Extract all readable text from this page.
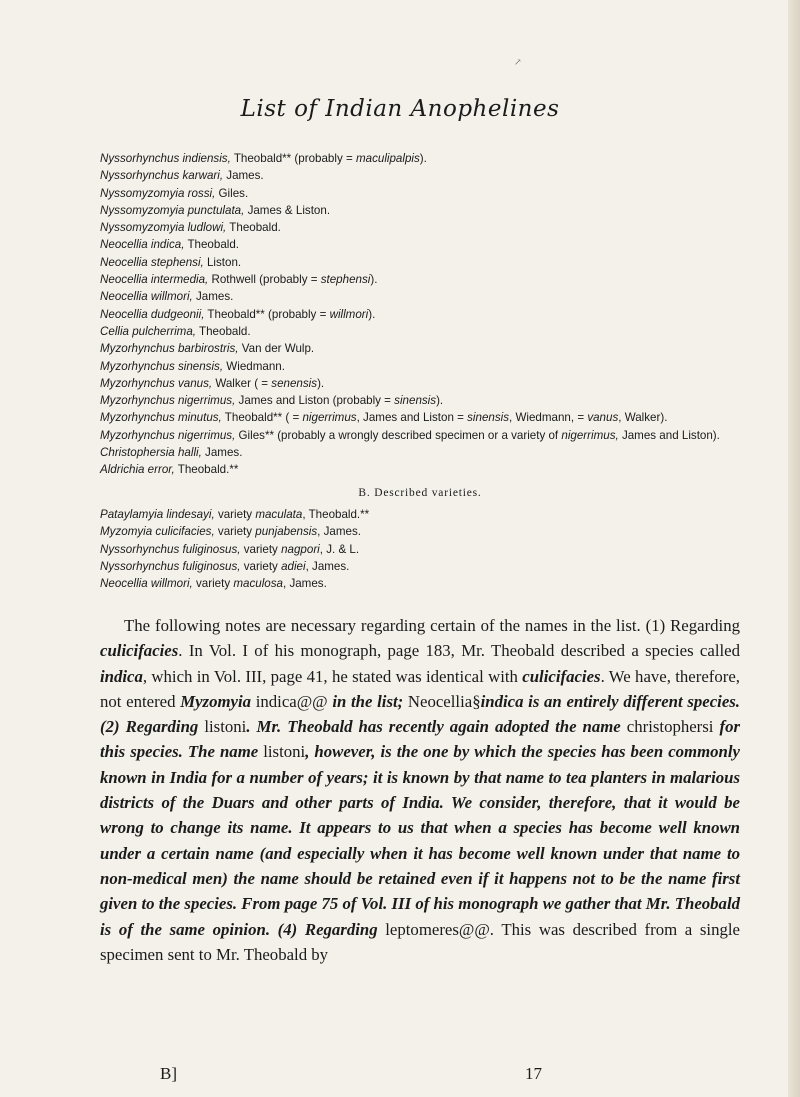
↗
List of Indian Anophelines
Nyssorhynchus indiensis, Theobald** (probably = maculipalpis).
Nyssorhynchus karwari, James.
Nyssomyzomyia rossi, Giles.
Nyssomyzomyia punctulata, James & Liston.
Nyssomyzomyia ludlowi, Theobald.
Neocellia indica, Theobald.
Neocellia stephensi, Liston.
Neocellia intermedia, Rothwell (probably = stephensi).
Neocellia willmori, James.
Neocellia dudgeonii, Theobald** (probably = willmori).
Cellia pulcherrima, Theobald.
Myzorhynchus barbirostris, Van der Wulp.
Myzorhynchus sinensis, Wiedmann.
Myzorhynchus vanus, Walker ( = senensis).
Myzorhynchus nigerrimus, James and Liston (probably = sinensis).
Myzorhynchus minutus, Theobald** ( = nigerrimus, James and Liston = sinensis, Wiedmann, = vanus, Walker).
Myzorhynchus nigerrimus, Giles** (probably a wrongly described specimen or a variety of nigerrimus, James and Liston).
Christophersia halli, James.
Aldrichia error, Theobald.**
B. Described varieties.
Pataylamyia lindesayi, variety maculata, Theobald.**
Myzomyia culicifacies, variety punjabensis, James.
Nyssorhynchus fuliginosus, variety nagpori, J. & L.
Nyssorhynchus fuliginosus, variety adiei, James.
Neocellia willmori, variety maculosa, James.

The following notes are necessary regarding certain of the names in the list. (1) Regarding culicifacies. In Vol. I of his monograph, page 183, Mr. Theobald described a species called indica, which in Vol. III, page 41, he stated was identical with culicifacies. We have, therefore, not entered Myzomyia indica@@ in the list; Neocellia§indica is an entirely different species. (2) Regarding listoni. Mr. Theobald has recently again adopted the name christophersi for this species. The name listoni, however, is the one by which the species has been commonly known in India for a number of years; it is known by that name to tea planters in malarious districts of the Duars and other parts of India. We consider, therefore, that it would be wrong to change its name. It appears to us that when a species has become well known under a certain name (and especially when it has become well known under that name to non-medical men) the name should be retained even if it happens not to be the name first given to the species. From page 75 of Vol. III of his monograph we gather that Mr. Theobald is of the same opinion. (4) Regarding leptomeres@@. This was described from a single specimen sent to Mr. Theobald by

B]	17
